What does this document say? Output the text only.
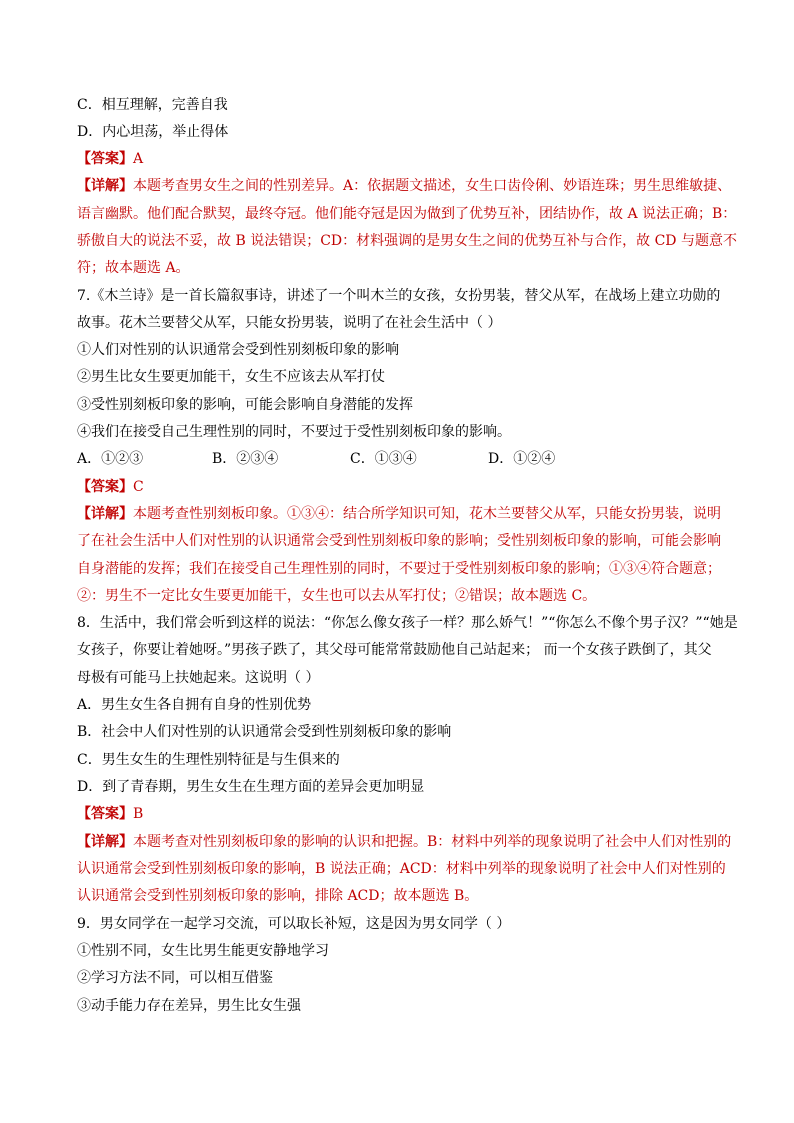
C．相互理解，完善自我
D．内心坦荡，举止得体
【答案】A
【详解】本题考查男女生之间的性别差异。A：依据题文描述，女生口齿伶俐、妙语连珠；男生思维敏捷、
语言幽默。他们配合默契，最终夺冠。他们能夺冠是因为做到了优势互补，团结协作，故 A 说法正确；B：
骄傲自大的说法不妥，故 B 说法错误；CD：材料强调的是男女生之间的优势互补与合作，故 CD 与题意不
符；故本题选 A。
7.《木兰诗》是一首长篇叙事诗，讲述了一个叫木兰的女孩，女扮男装，替父从军，在战场上建立功勋的
故事。花木兰要替父从军，只能女扮男装，说明了在社会生活中（ ）
①人们对性别的认识通常会受到性别刻板印象的影响
②男生比女生要更加能干，女生不应该去从军打仗
③受性别刻板印象的影响，可能会影响自身潜能的发挥
④我们在接受自己生理性别的同时，不要过于受性别刻板印象的影响。
A．①②③	B．②③④	C．①③④	D．①②④
【答案】C
【详解】本题考查性别刻板印象。①③④：结合所学知识可知，花木兰要替父从军，只能女扮男装，说明
了在社会生活中人们对性别的认识通常会受到性别刻板印象的影响；受性别刻板印象的影响，可能会影响
自身潜能的发挥；我们在接受自己生理性别的同时，不要过于受性别刻板印象的影响；①③④符合题意；
②：男生不一定比女生要更加能干，女生也可以去从军打仗；②错误；故本题选 C。
8．生活中，我们常会听到这样的说法：“你怎么像女孩子一样？那么娇气！”“你怎么不像个男子汉？”“她是
女孩子，你要让着她呀。”男孩子跌了，其父母可能常常鼓励他自己站起来； 而一个女孩子跌倒了，其父
母极有可能马上扶她起来。这说明（ ）
A．男生女生各自拥有自身的性别优势
B．社会中人们对性别的认识通常会受到性别刻板印象的影响
C．男生女生的生理性别特征是与生俱来的
D．到了青春期，男生女生在生理方面的差异会更加明显
【答案】B
【详解】本题考查对性别刻板印象的影响的认识和把握。B：材料中列举的现象说明了社会中人们对性别的
认识通常会受到性别刻板印象的影响，B 说法正确；ACD：材料中列举的现象说明了社会中人们对性别的
认识通常会受到性别刻板印象的影响，排除 ACD；故本题选 B。
9．男女同学在一起学习交流，可以取长补短，这是因为男女同学（ ）
①性别不同，女生比男生能更安静地学习
②学习方法不同，可以相互借鉴
③动手能力存在差异，男生比女生强
